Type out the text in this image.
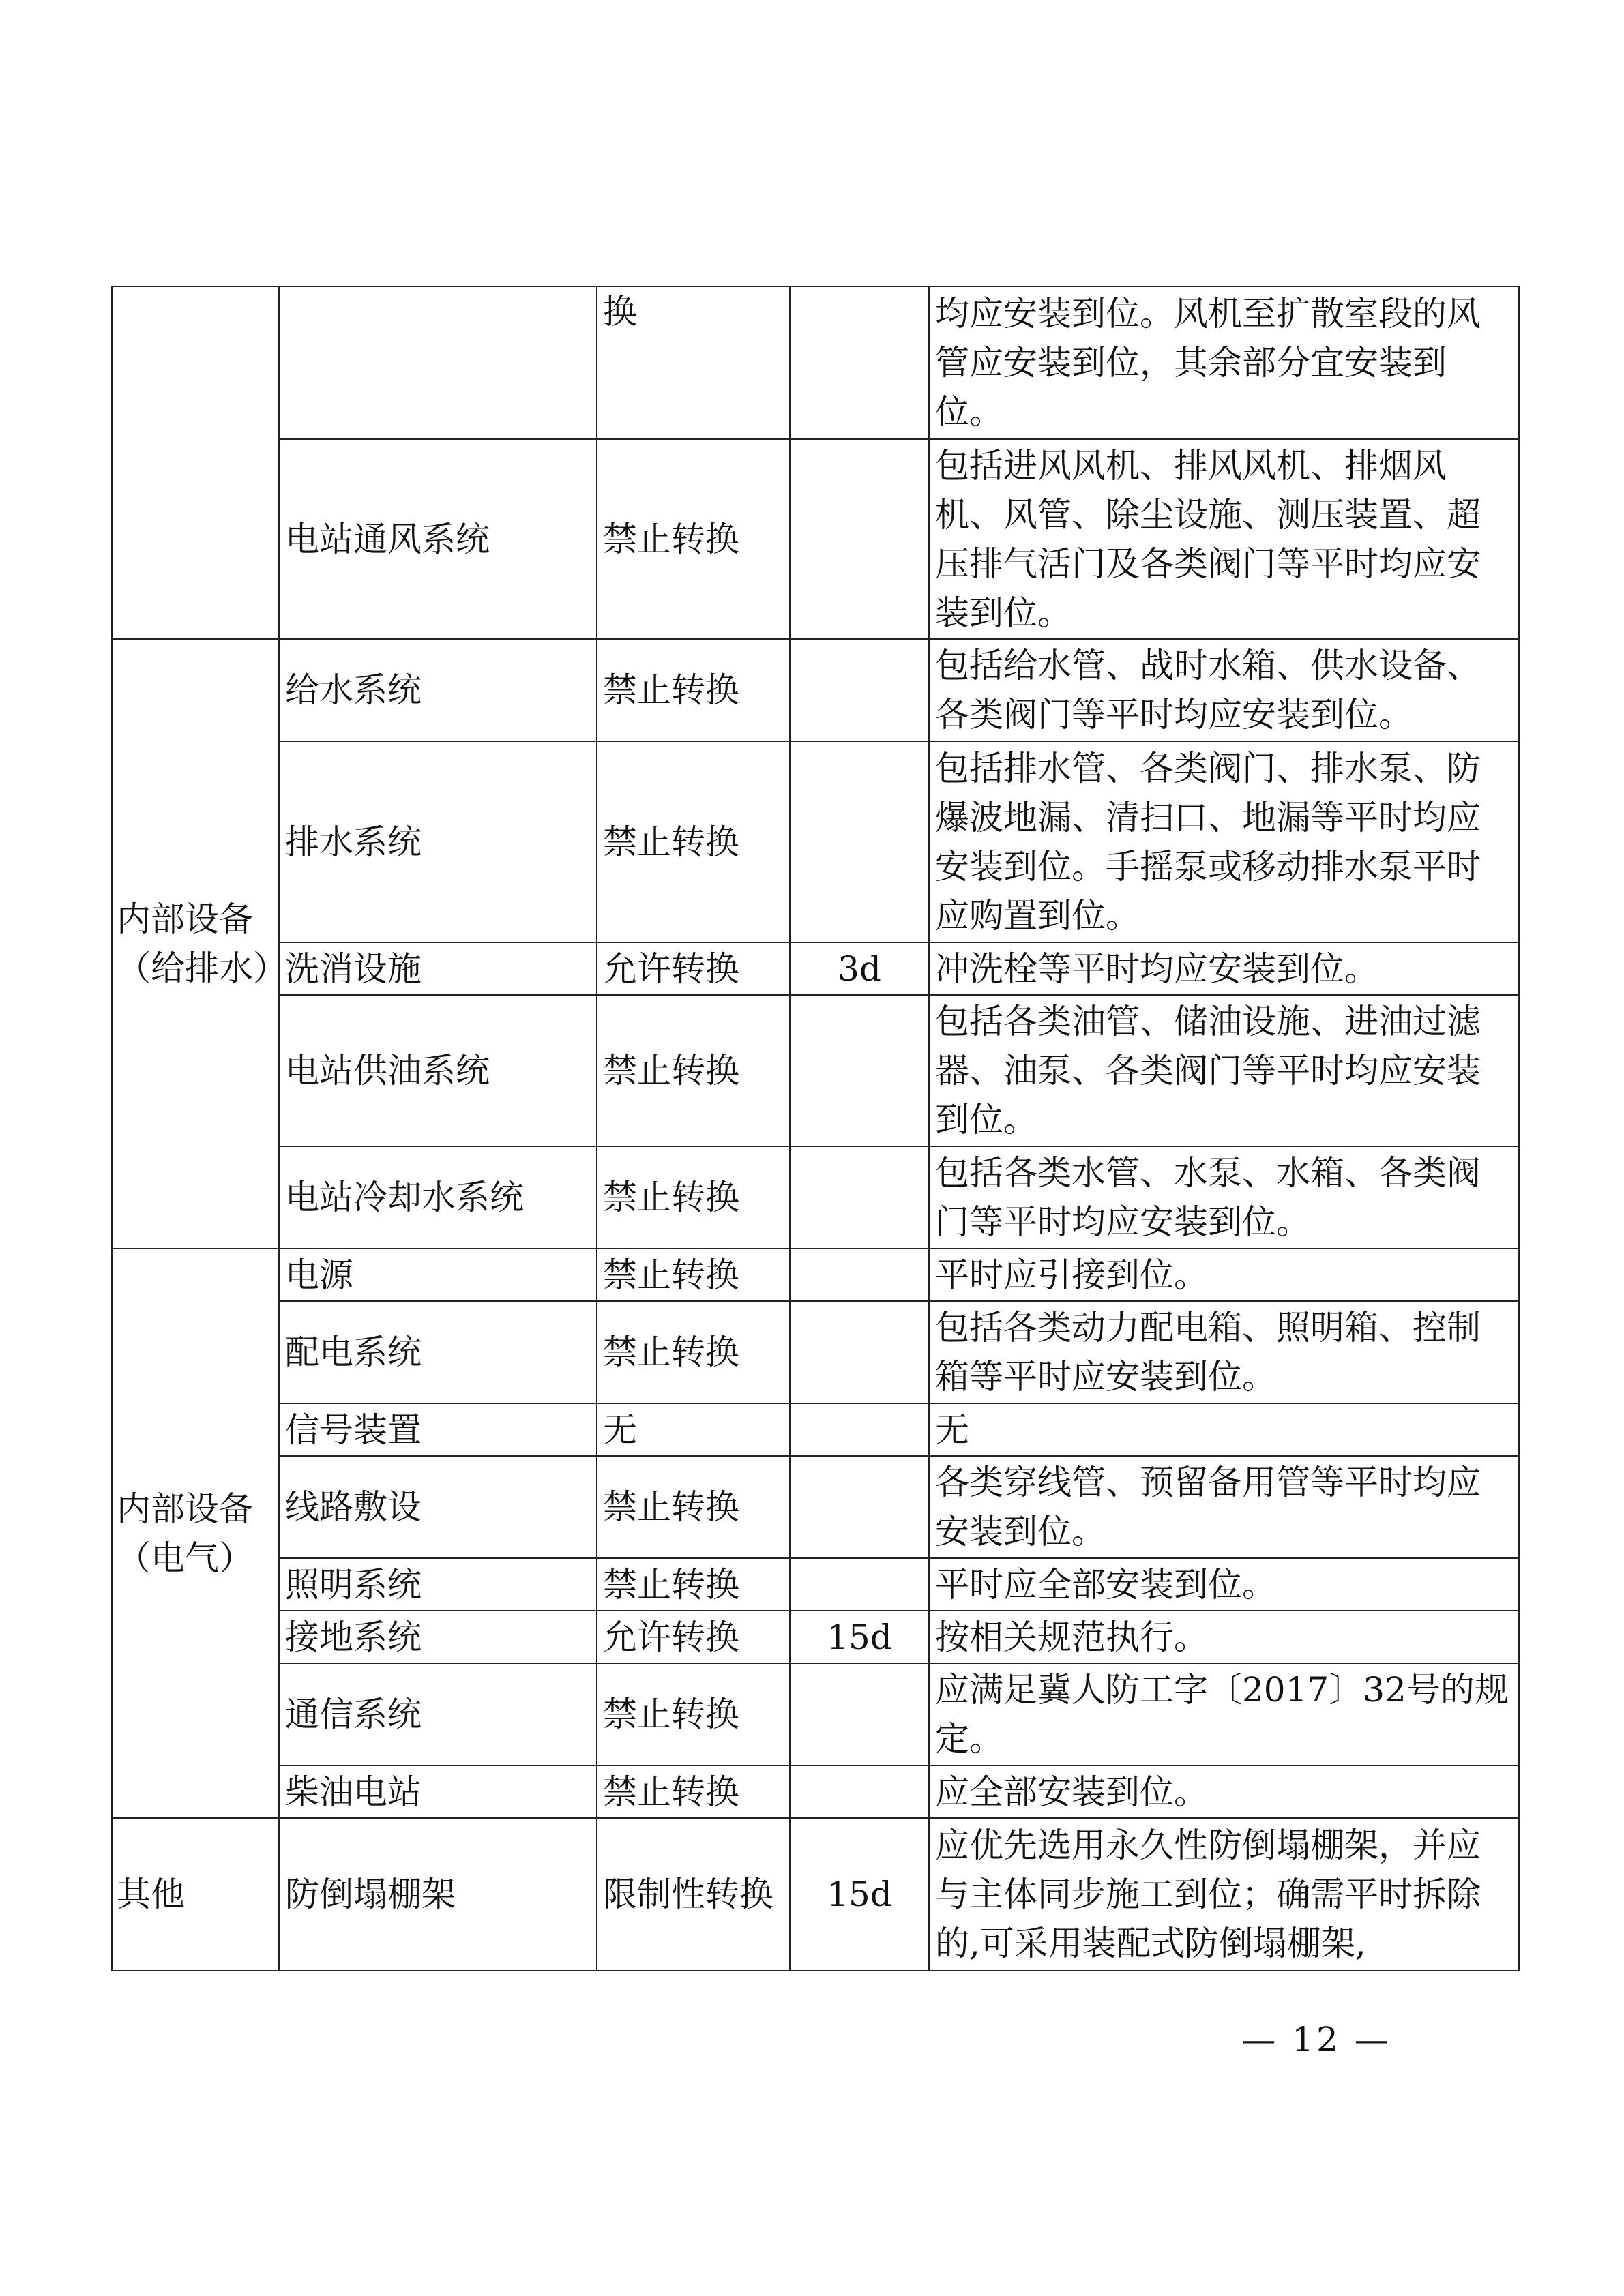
		换		均应安装到位。风机至扩散室段的风管应安装到位，其余部分宜安装到位。
	电站通风系统	禁止转换		包括进风风机、排风风机、排烟风机、风管、除尘设施、测压装置、超压排气活门及各类阀门等平时均应安装到位。
内部设备（给排水）	给水系统	禁止转换		包括给水管、战时水箱、供水设备、各类阀门等平时均应安装到位。
	排水系统	禁止转换		包括排水管、各类阀门、排水泵、防爆波地漏、清扫口、地漏等平时均应安装到位。手摇泵或移动排水泵平时应购置到位。
	洗消设施	允许转换	3d	冲洗栓等平时均应安装到位。
	电站供油系统	禁止转换		包括各类油管、储油设施、进油过滤器、油泵、各类阀门等平时均应安装到位。
	电站冷却水系统	禁止转换		包括各类水管、水泵、水箱、各类阀门等平时均应安装到位。
内部设备（电气）	电源	禁止转换		平时应引接到位。
	配电系统	禁止转换		包括各类动力配电箱、照明箱、控制箱等平时应安装到位。
	信号装置	无		无
	线路敷设	禁止转换		各类穿线管、预留备用管等平时均应安装到位。
	照明系统	禁止转换		平时应全部安装到位。
	接地系统	允许转换	15d	按相关规范执行。
	通信系统	禁止转换		应满足冀人防工字〔2017〕32号的规定。
	柴油电站	禁止转换		应全部安装到位。
其他	防倒塌棚架	限制性转换	15d	应优先选用永久性防倒塌棚架，并应与主体同步施工到位；确需平时拆除的,可采用装配式防倒塌棚架,
— 12 —
